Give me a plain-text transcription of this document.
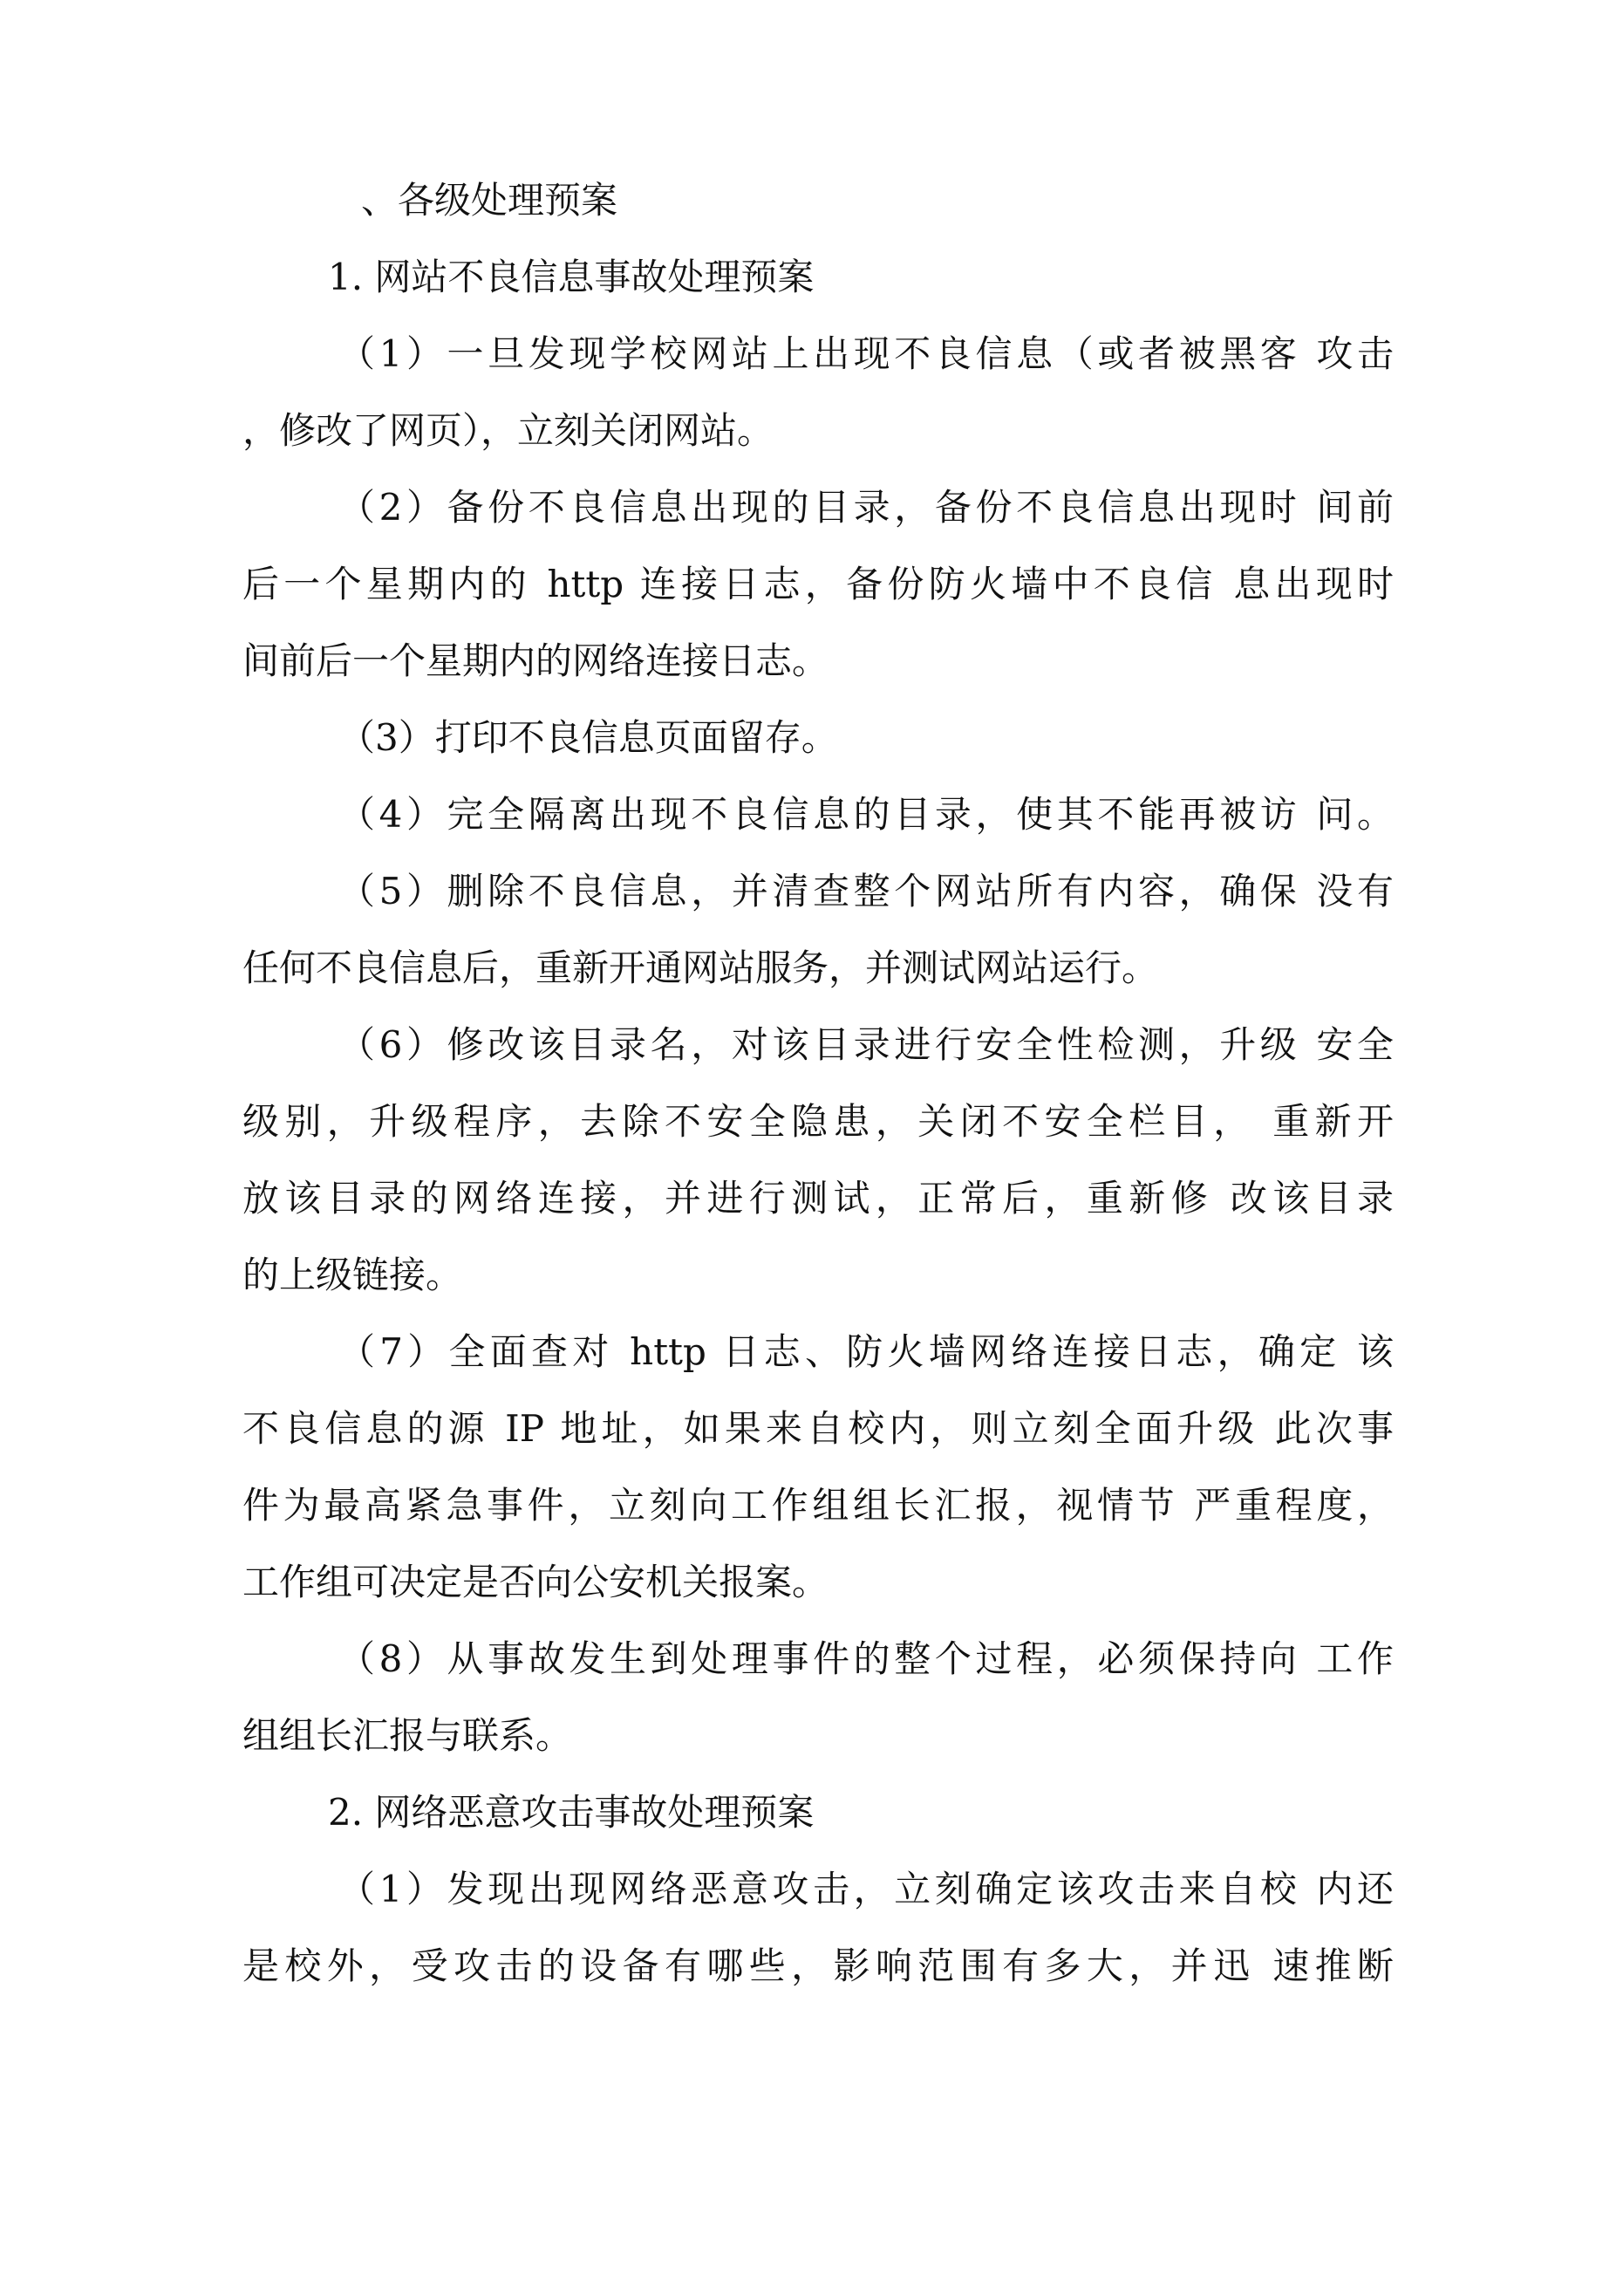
、各级处理预案
1. 网站不良信息事故处理预案
（1）一旦发现学校网站上出现不良信息（或者被黑客 攻击
，修改了网页），立刻关闭网站。
（2）备份不良信息出现的目录，备份不良信息出现时 间前
后一个星期内的 http 连接日志，备份防火墙中不良信 息出现时
间前后一个星期内的网络连接日志。
（3）打印不良信息页面留存。
（4）完全隔离出现不良信息的目录，使其不能再被访 问。
（5）删除不良信息，并清查整个网站所有内容，确保 没有
任何不良信息后，重新开通网站服务，并测试网站运行。
（6）修改该目录名，对该目录进行安全性检测，升级 安全
级别，升级程序，去除不安全隐患，关闭不安全栏目， 重新开
放该目录的网络连接，并进行测试，正常后，重新修 改该目录
的上级链接。
（7）全面查对 http 日志、防火墙网络连接日志，确定 该
不良信息的源 IP 地址，如果来自校内，则立刻全面升级 此次事
件为最高紧急事件，立刻向工作组组长汇报，视情节 严重程度，
工作组可决定是否向公安机关报案。
（8）从事故发生到处理事件的整个过程，必须保持向 工作
组组长汇报与联系。
2. 网络恶意攻击事故处理预案
（1）发现出现网络恶意攻击，立刻确定该攻击来自校 内还
是校外，受攻击的设备有哪些，影响范围有多大，并迅 速推断
